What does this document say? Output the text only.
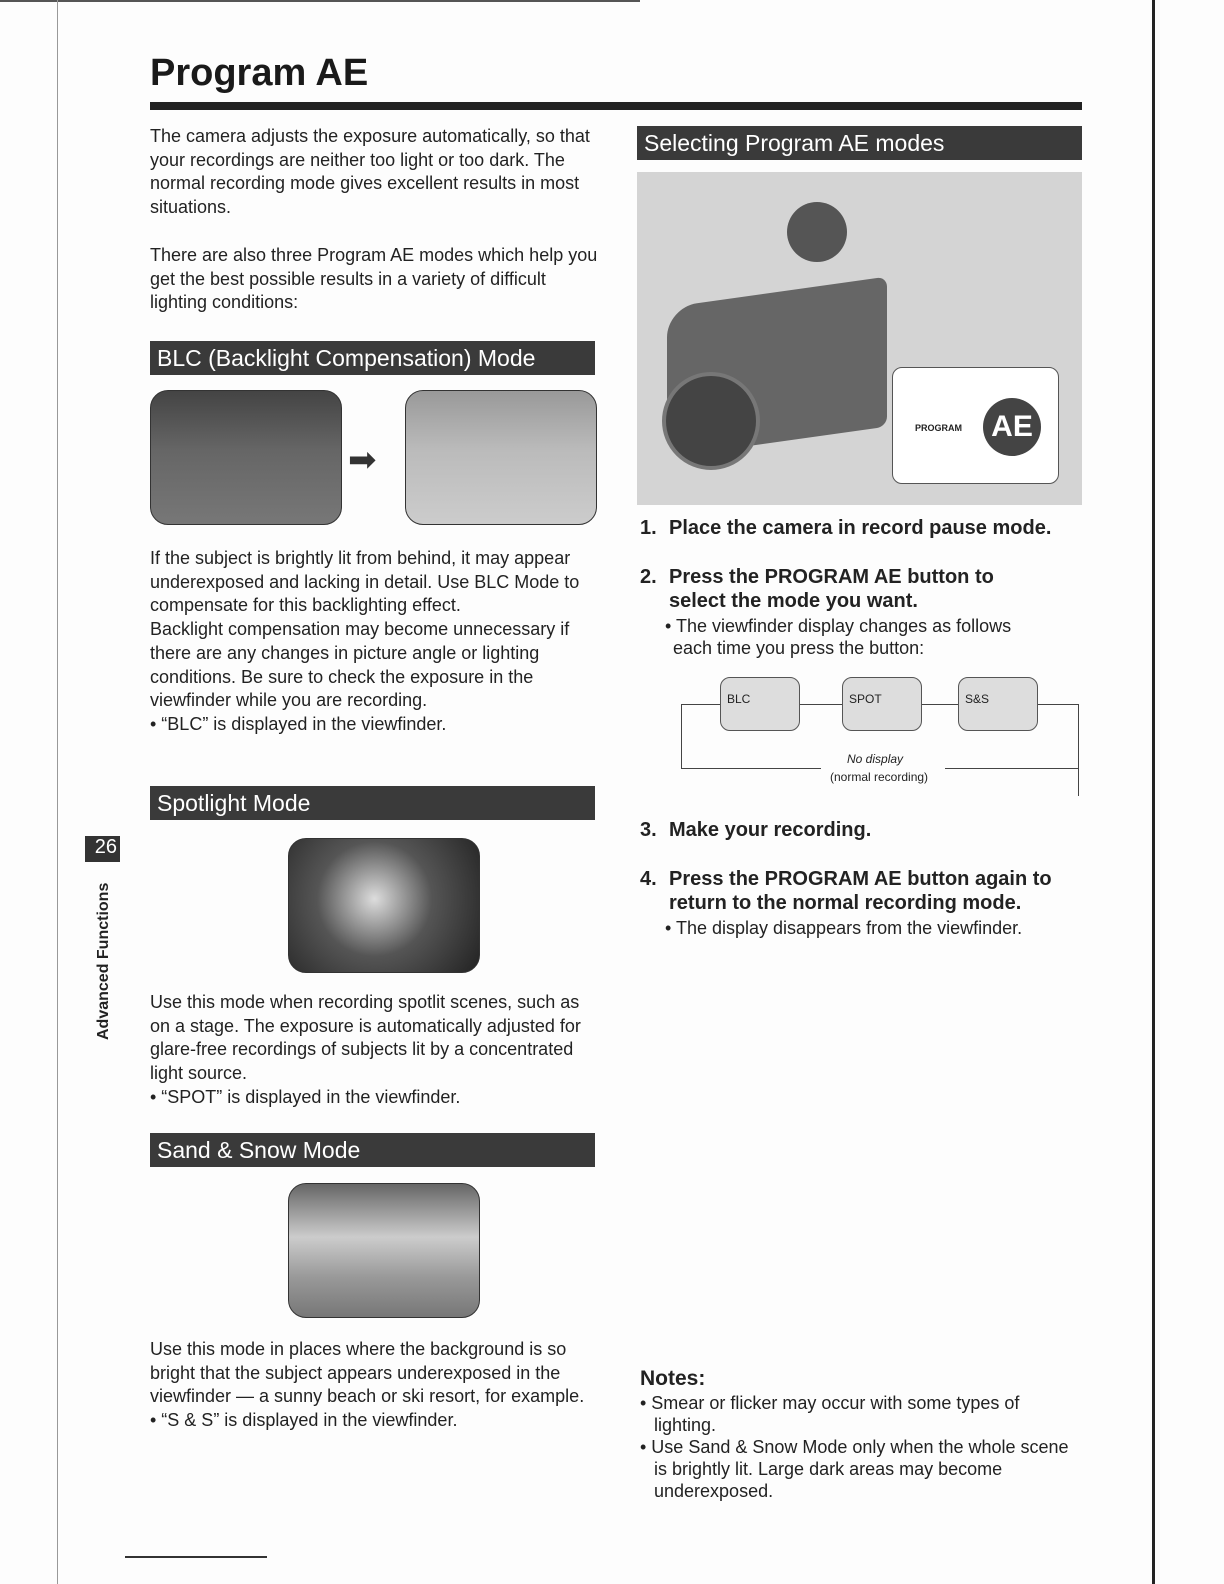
Program AE
26
Advanced Functions

The camera adjusts the exposure automatically, so that your recordings are neither too light or too dark. The normal recording mode gives excellent results in most situations.

There are also three Program AE modes which help you get the best possible results in a variety of difficult lighting conditions:

BLC (Backlight Compensation) Mode
➡

If the subject is brightly lit from behind, it may appear underexposed and lacking in detail. Use BLC Mode to compensate for this backlighting effect.

Backlight compensation may become unnecessary if there are any changes in picture angle or lighting conditions. Be sure to check the exposure in the viewfinder while you are recording.

• “BLC” is displayed in the viewfinder.

Spotlight Mode

Use this mode when recording spotlit scenes, such as on a stage. The exposure is automatically adjusted for glare-free recordings of subjects lit by a concentrated light source.

• “SPOT” is displayed in the viewfinder.

Sand & Snow Mode

Use this mode in places where the background is so bright that the subject appears underexposed in the viewfinder — a sunny beach or ski resort, for example.

• “S & S” is displayed in the viewfinder.

Selecting Program AE modes
PROGRAM AE
1. Place the camera in record pause mode.
2. Press the PROGRAM AE button to select the mode you want.
• The viewfinder display changes as follows each time you press the button:
BLC	SPOT	S&S
No display
(normal recording)
3. Make your recording.
4. Press the PROGRAM AE button again to return to the normal recording mode.
• The display disappears from the viewfinder.
Notes:

• Smear or flicker may occur with some types of lighting.

• Use Sand & Snow Mode only when the whole scene is brightly lit. Large dark areas may become underexposed.
